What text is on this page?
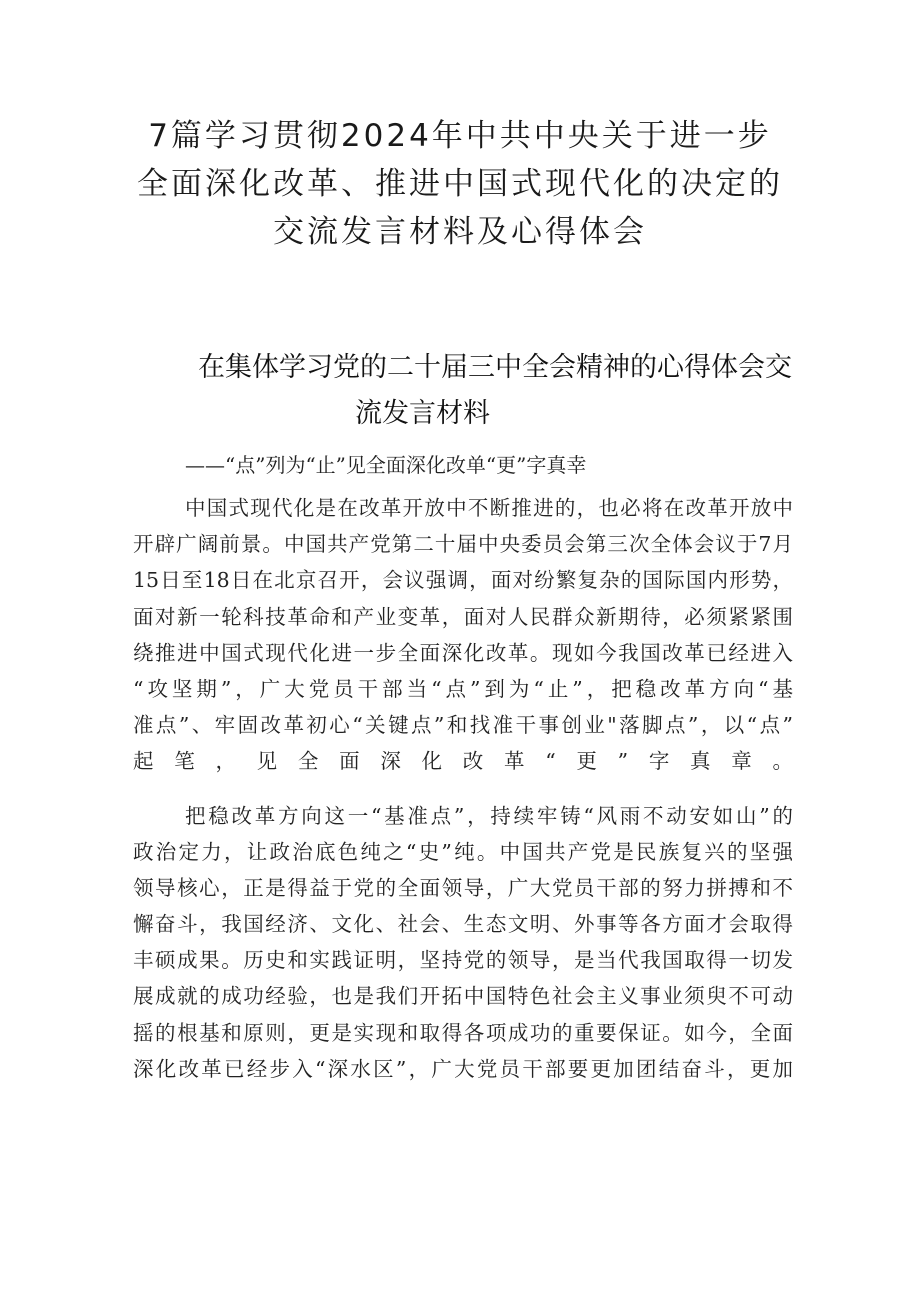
7篇学习贯彻2024年中共中央关于进一步
全面深化改革、推进中国式现代化的决定的
交流发言材料及心得体会
在集体学习党的二十届三中全会精神的心得体会交
流发言材料
——“点”列为“止”见全面深化改单“更”字真幸

中国式现代化是在改革开放中不断推进的，也必将在改革开放中
开辟广阔前景。中国共产党第二十届中央委员会第三次全体会议于7月
15日至18日在北京召开，会议强调，面对纷繁复杂的国际国内形势，
面对新一轮科技革命和产业变革，面对人民群众新期待，必须紧紧围
绕推进中国式现代化进一步全面深化改革。现如今我国改革已经进入
“攻坚期”，广大党员干部当“点”到为“止”，把稳改革方向“基
准点”、牢固改革初心“关键点”和找准干事创业"落脚点”，以“点”
起笔，见全面深化改革“更”字真章。

把稳改革方向这一“基准点”，持续牢铸“风雨不动安如山”的
政治定力，让政治底色纯之“史”纯。中国共产党是民族复兴的坚强
领导核心，正是得益于党的全面领导，广大党员干部的努力拼搏和不
懈奋斗，我国经济、文化、社会、生态文明、外事等各方面才会取得
丰硕成果。历史和实践证明，坚持党的领导，是当代我国取得一切发
展成就的成功经验，也是我们开拓中国特色社会主义事业须臾不可动
摇的根基和原则，更是实现和取得各项成功的重要保证。如今，全面
深化改革已经步入“深水区”，广大党员干部要更加团结奋斗，更加
